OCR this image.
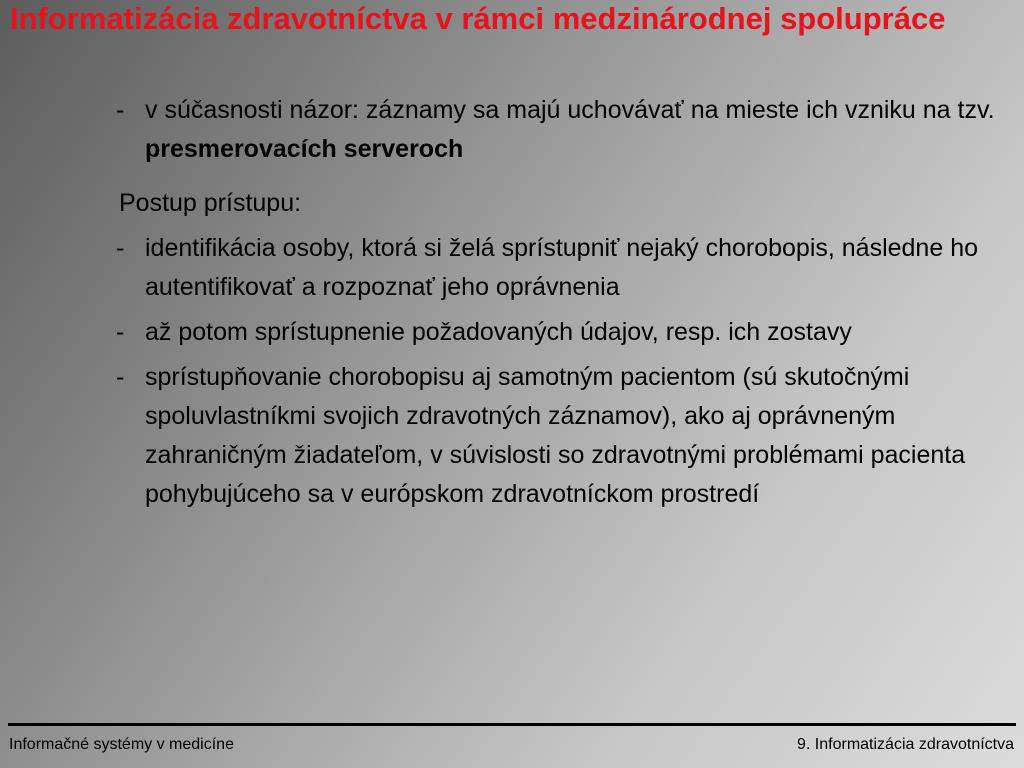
Informatizácia zdravotníctva v rámci medzinárodnej spolupráce
- v súčasnosti názor: záznamy sa majú uchovávať na mieste ich vzniku na tzv. presmerovacích serveroch
Postup prístupu:
- identifikácia osoby, ktorá si želá sprístupniť nejaký chorobopis, následne ho autentifikovať a rozpoznať jeho oprávnenia
- až potom sprístupnenie požadovaných údajov, resp. ich zostavy
- sprístupňovanie chorobopisu aj samotným pacientom (sú skutočnými spoluvlastníkmi svojich zdravotných záznamov), ako aj oprávneným zahraničným žiadateľom, v súvislosti so zdravotnými problémami pacienta pohybujúceho sa v európskom zdravotníckom prostredí
Informačné systémy v medicíne	9. Informatizácia zdravotníctva
